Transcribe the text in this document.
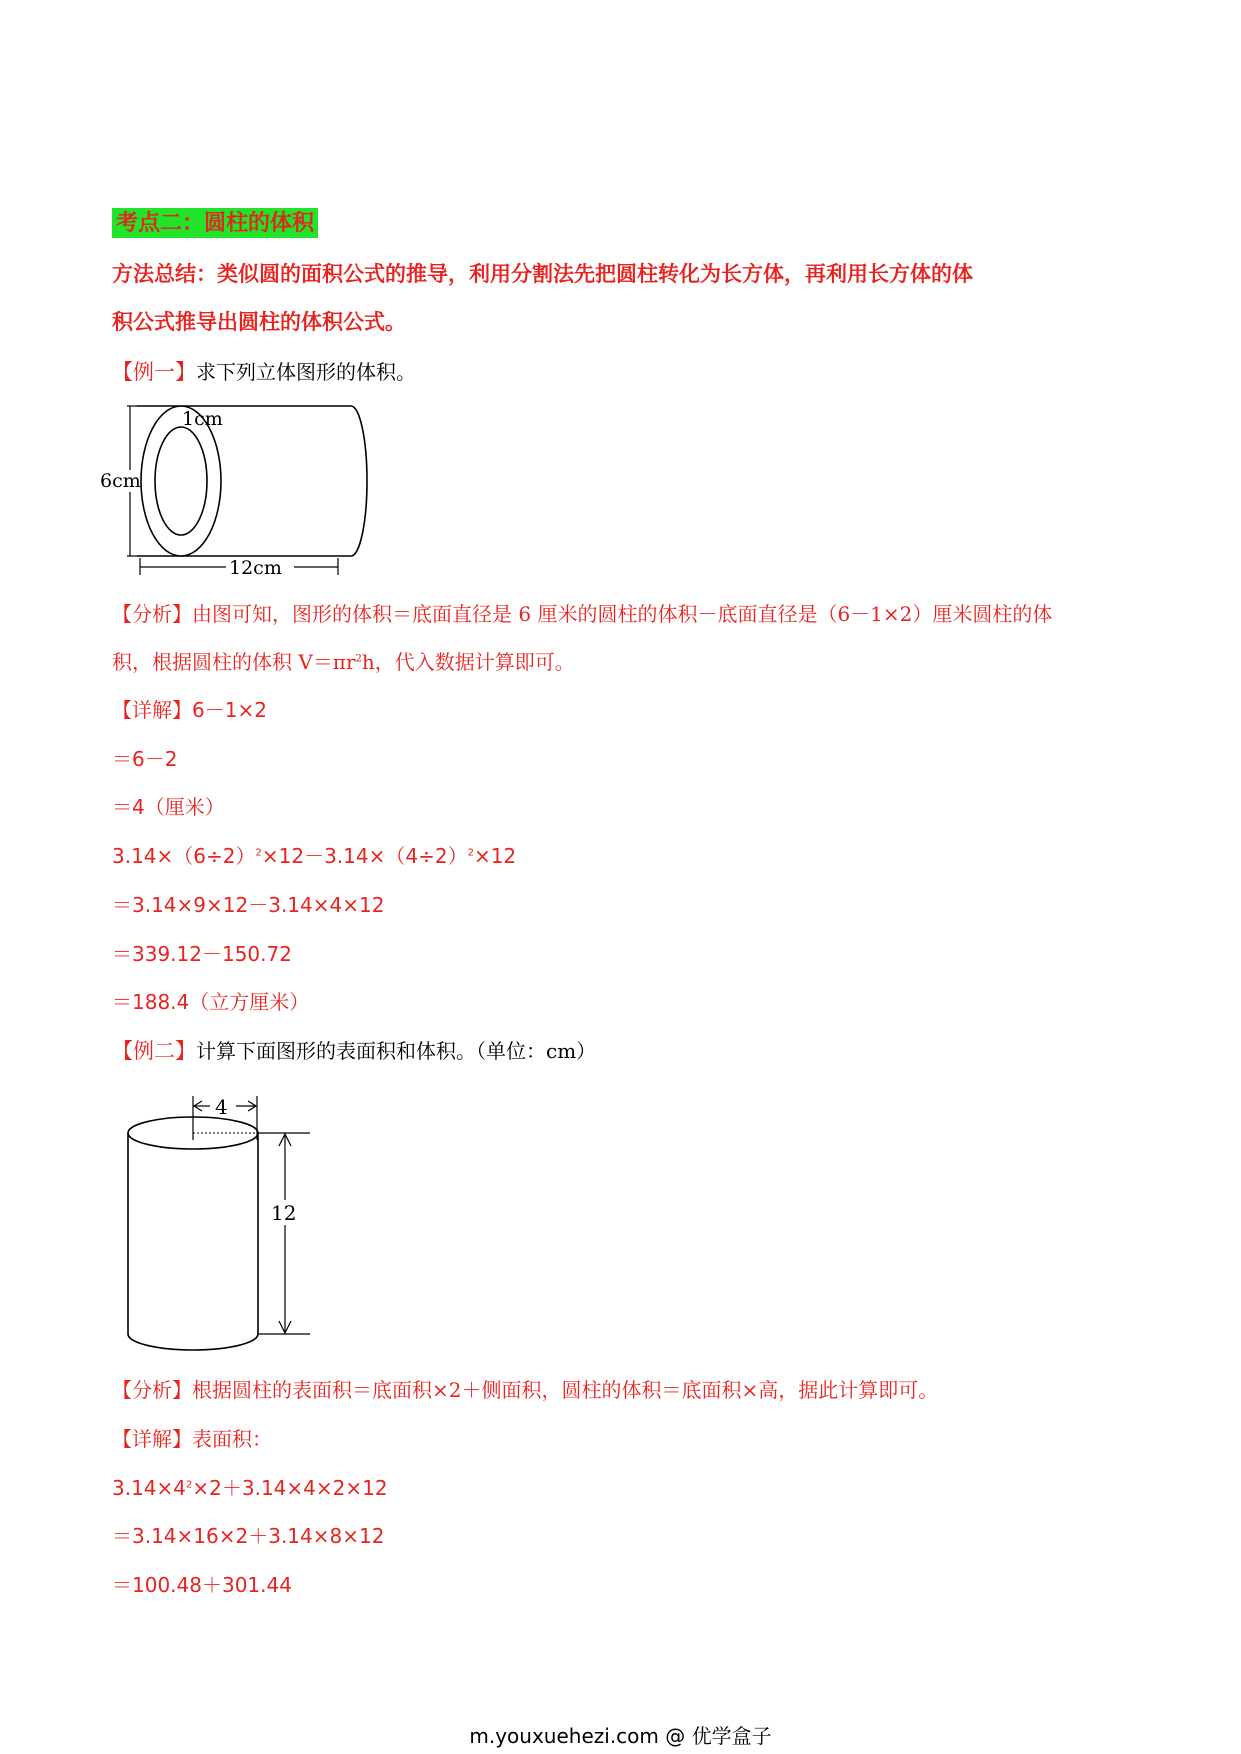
考点二：圆柱的体积
方法总结：类似圆的面积公式的推导，利用分割法先把圆柱转化为长方体，再利用长方体的体
积公式推导出圆柱的体积公式。
【例一】求下列立体图形的体积。
6cm
1cm
12cm
【分析】由图可知，图形的体积＝底面直径是 6 厘米的圆柱的体积－底面直径是（6－1×2）厘米圆柱的体
积，根据圆柱的体积 $V=\pi r^2h$，代入数据计算即可。
【详解】6－1×2
＝6－2
＝4（厘米）
$3.14\times(6\div 2)^2\times 12-3.14\times(4\div 2)^2\times 12$
＝3.14×9×12－3.14×4×12
＝339.12－150.72
＝188.4（立方厘米）
【例二】计算下面图形的表面积和体积。（单位：cm）
4
12
【分析】根据圆柱的表面积＝底面积×2＋侧面积，圆柱的体积＝底面积×高，据此计算即可。
【详解】表面积：
$3.14\times 4^2\times 2+3.14\times 4\times 2\times 12$
＝3.14×16×2＋3.14×8×12
＝100.48＋301.44
m.youxuehezi.com @ 优学盒子
